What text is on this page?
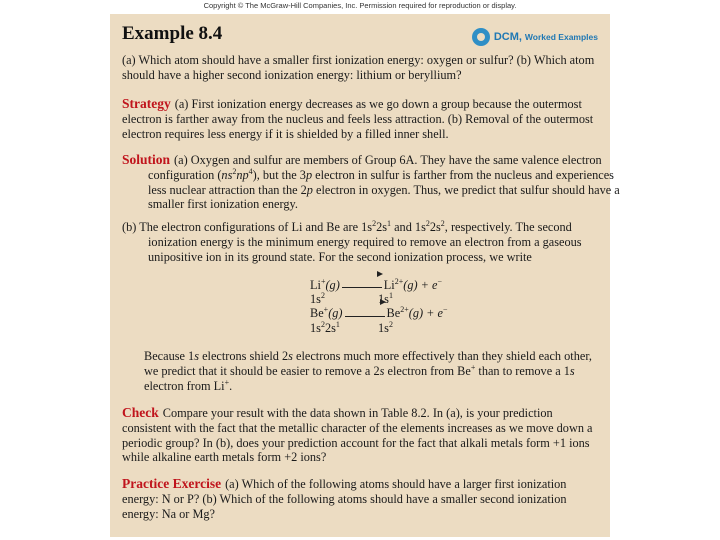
Copyright © The McGraw-Hill Companies, Inc. Permission required for reproduction or display.
Example 8.4	DCM, Worked Examples

(a) Which atom should have a smaller first ionization energy: oxygen or sulfur? (b) Which atom should have a higher second ionization energy: lithium or beryllium?

Strategy (a) First ionization energy decreases as we go down a group because the outermost electron is farther away from the nucleus and feels less attraction. (b) Removal of the outermost electron requires less energy if it is shielded by a filled inner shell.

Solution (a) Oxygen and sulfur are members of Group 6A. They have the same valence electron configuration $(ns^2np^4)$, but the 3p electron in sulfur is farther from the nucleus and experiences less nuclear attraction than the 2p electron in oxygen. Thus, we predict that sulfur should have a smaller first ionization energy.

(b) The electron configurations of Li and Be are $1s^22s^1$ and $1s^22s^2$, respectively. The second ionization energy is the minimum energy required to remove an electron from a gaseous unipositive ion in its ground state. For the second ionization process, we write

Li+(g)	$Li^{2+}(g) + e^-$
$1s^2$	$1s^1$
Be+(g)	$Be^{2+}(g) + e^-$
$1s^22s^1$	$1s^2$

Because 1s electrons shield 2s electrons much more effectively than they shield each other, we predict that it should be easier to remove a 2s electron from Be+ than to remove a 1s electron from Li+.

Check Compare your result with the data shown in Table 8.2. In (a), is your prediction consistent with the fact that the metallic character of the elements increases as we move down a periodic group? In (b), does your prediction account for the fact that alkali metals form +1 ions while alkaline earth metals form +2 ions?

Practice Exercise (a) Which of the following atoms should have a larger first ionization energy: N or P? (b) Which of the following atoms should have a smaller second ionization energy: Na or Mg?
